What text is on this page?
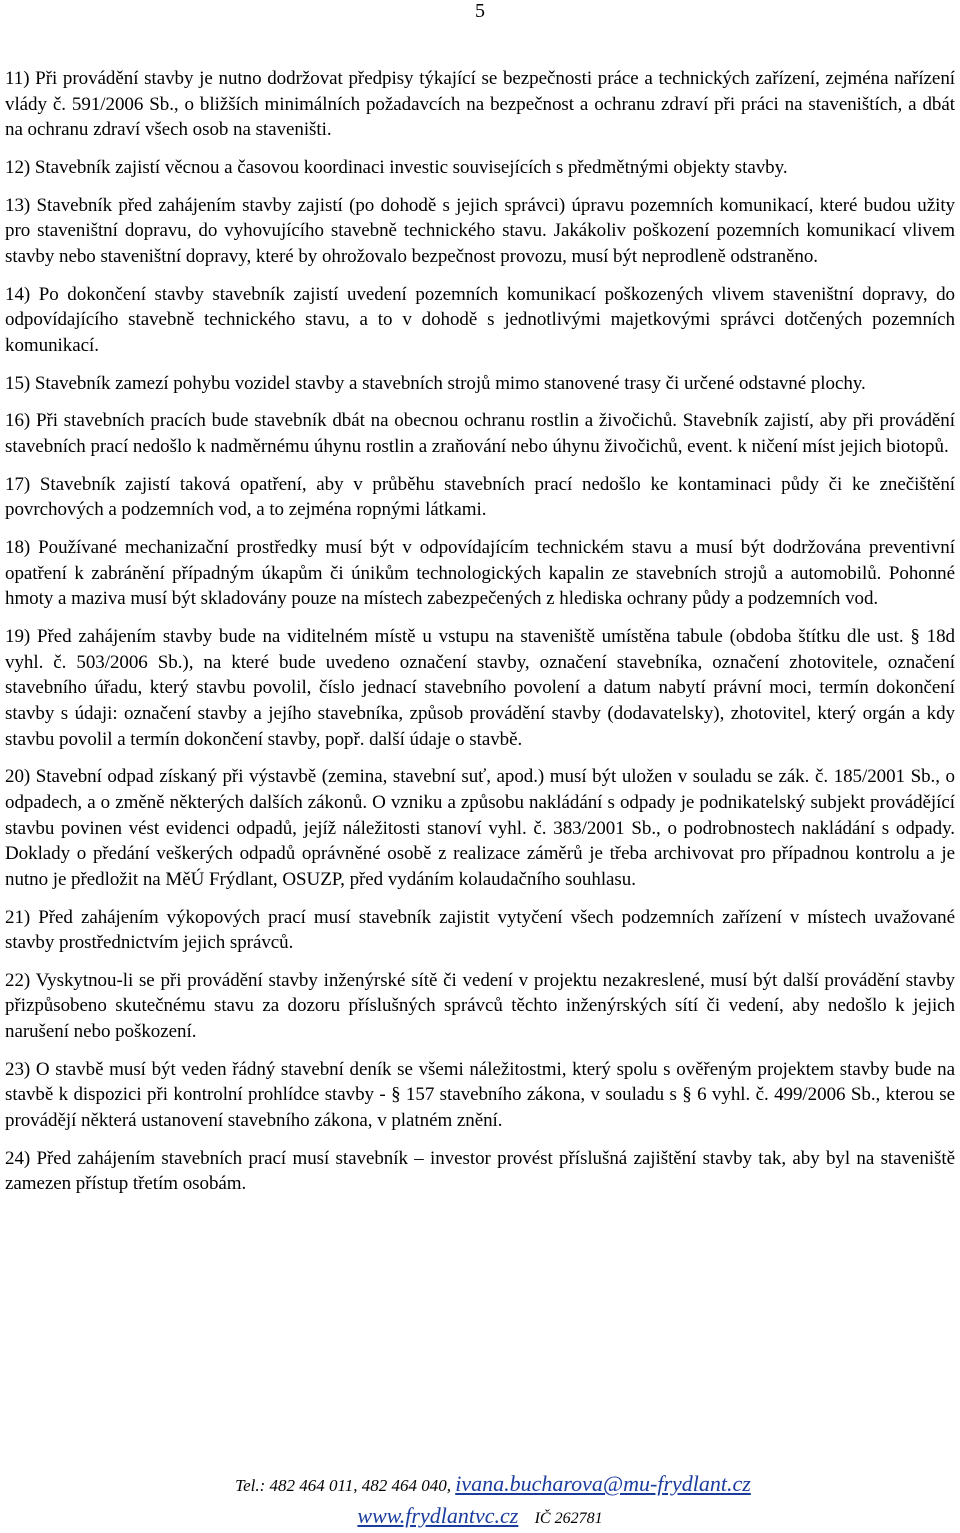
5

11) Při provádění stavby je nutno dodržovat předpisy týkající se bezpečnosti práce a technických zařízení, zejména nařízení vlády č. 591/2006 Sb., o bližších minimálních požadavcích na bezpečnost a ochranu zdraví při práci na staveništích, a dbát na ochranu zdraví všech osob na staveništi.

12) Stavebník zajistí věcnou a časovou koordinaci investic souvisejících s předmětnými objekty stavby.

13) Stavebník před zahájením stavby zajistí (po dohodě s jejich správci) úpravu pozemních komunikací, které budou užity pro staveništní dopravu, do vyhovujícího stavebně technického stavu. Jakákoliv poškození pozemních komunikací vlivem stavby nebo staveništní dopravy, které by ohrožovalo bezpečnost provozu, musí být neprodleně odstraněno.

14) Po dokončení stavby stavebník zajistí uvedení pozemních komunikací poškozených vlivem staveništní dopravy, do odpovídajícího stavebně technického stavu, a to v dohodě s jednotlivými majetkovými správci dotčených pozemních komunikací.

15) Stavebník zamezí pohybu vozidel stavby a stavebních strojů mimo stanovené trasy či určené odstavné plochy.

16) Při stavebních pracích bude stavebník dbát na obecnou ochranu rostlin a živočichů. Stavebník zajistí, aby při provádění stavebních prací nedošlo k nadměrnému úhynu rostlin a zraňování nebo úhynu živočichů, event. k ničení míst jejich biotopů.

17) Stavebník zajistí taková opatření, aby v průběhu stavebních prací nedošlo ke kontaminaci půdy či ke znečištění povrchových a podzemních vod, a to zejména ropnými látkami.

18) Používané mechanizační prostředky musí být v odpovídajícím technickém stavu a musí být dodržována preventivní opatření k zabránění případným úkapům či únikům technologických kapalin ze stavebních strojů a automobilů. Pohonné hmoty a maziva musí být skladovány pouze na místech zabezpečených z hlediska ochrany půdy a podzemních vod.

19) Před zahájením stavby bude na viditelném místě u vstupu na staveniště umístěna tabule (obdoba štítku dle ust. § 18d vyhl. č. 503/2006 Sb.), na které bude uvedeno označení stavby, označení stavebníka, označení zhotovitele, označení stavebního úřadu, který stavbu povolil, číslo jednací stavebního povolení a datum nabytí právní moci, termín dokončení stavby s údaji: označení stavby a jejího stavebníka, způsob provádění stavby (dodavatelsky), zhotovitel, který orgán a kdy stavbu povolil a termín dokončení stavby, popř. další údaje o stavbě.

20) Stavební odpad získaný při výstavbě (zemina, stavební suť, apod.) musí být uložen v souladu se zák. č. 185/2001 Sb., o odpadech, a o změně některých dalších zákonů. O vzniku a způsobu nakládání s odpady je podnikatelský subjekt provádějící stavbu povinen vést evidenci odpadů, jejíž náležitosti stanoví vyhl. č. 383/2001 Sb., o podrobnostech nakládání s odpady. Doklady o předání veškerých odpadů oprávněné osobě z realizace záměrů je třeba archivovat pro případnou kontrolu a je nutno je předložit na MěÚ Frýdlant, OSUZP, před vydáním kolaudačního souhlasu.

21) Před zahájením výkopových prací musí stavebník zajistit vytyčení všech podzemních zařízení v místech uvažované stavby prostřednictvím jejich správců.

22) Vyskytnou-li se při provádění stavby inženýrské sítě či vedení v projektu nezakreslené, musí být další provádění stavby přizpůsobeno skutečnému stavu za dozoru příslušných správců těchto inženýrských sítí či vedení, aby nedošlo k jejich narušení nebo poškození.

23) O stavbě musí být veden řádný stavební deník se všemi náležitostmi, který spolu s ověřeným projektem stavby bude na stavbě k dispozici při kontrolní prohlídce stavby - § 157 stavebního zákona, v souladu s § 6 vyhl. č. 499/2006 Sb., kterou se provádějí některá ustanovení stavebního zákona, v platném znění.

24) Před zahájením stavebních prací musí stavebník – investor provést příslušná zajištění stavby tak, aby byl na staveniště zamezen přístup třetím osobám.

Tel.: 482 464 011, 482 464 040, ivana.bucharova@mu-frydlant.cz
www.frydlantvc.cz IČ 262781
